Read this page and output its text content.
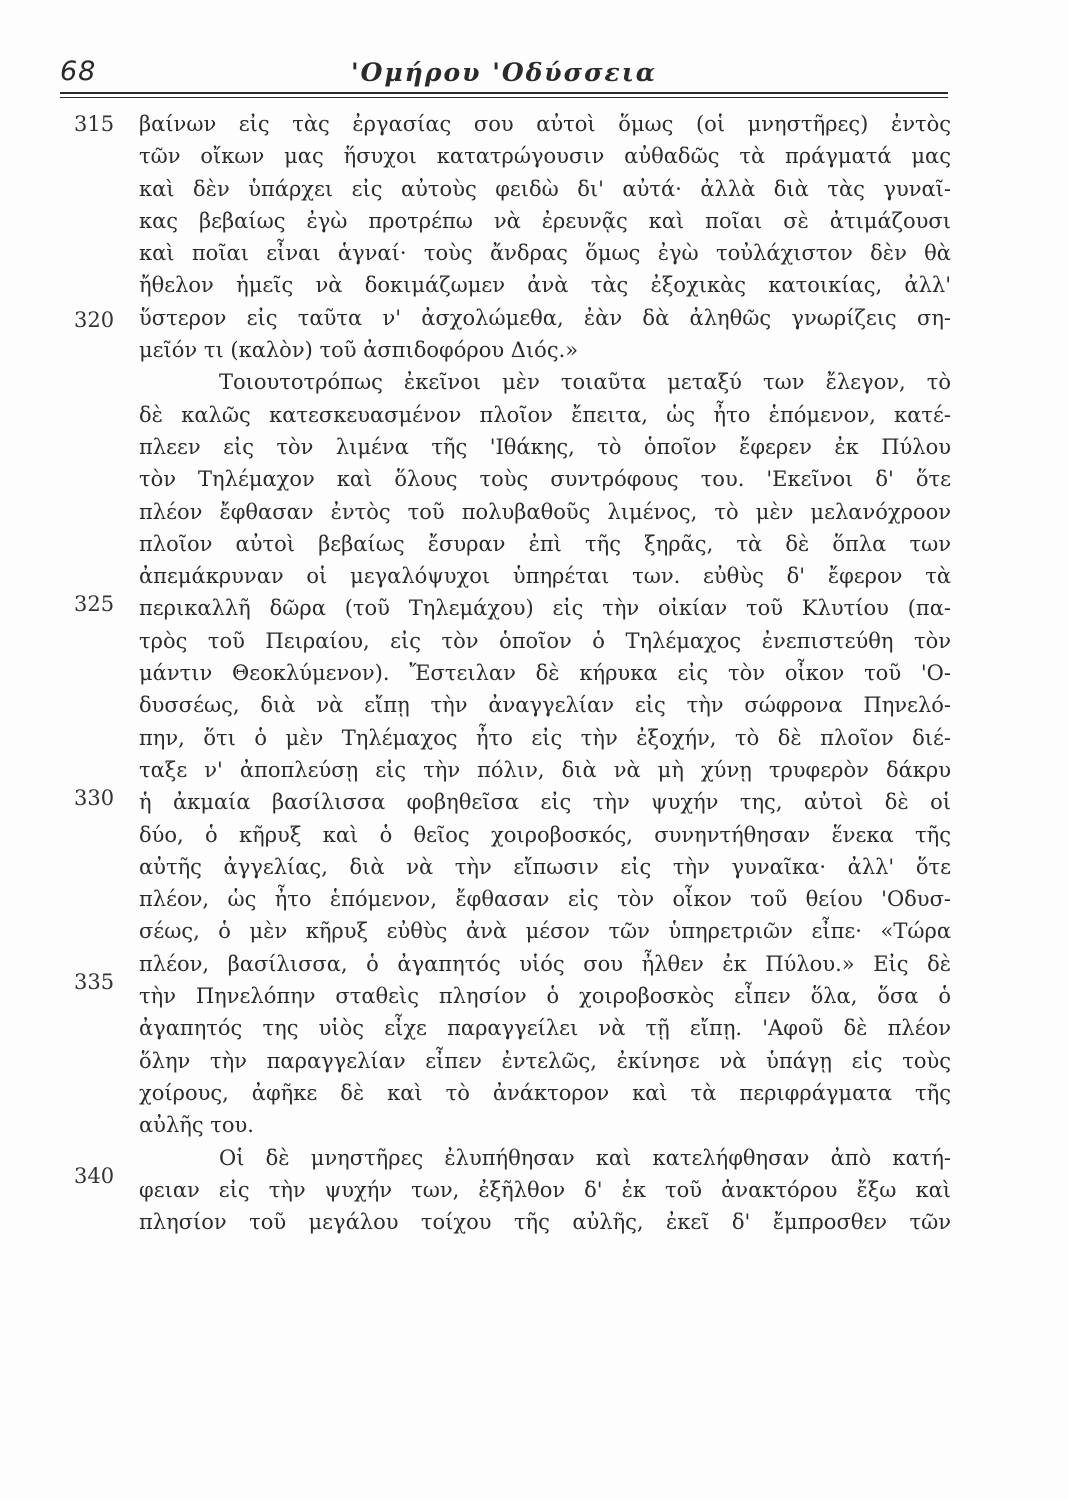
68	'Ομήρου 'Οδύσσεια
315
320
325
330
335
340
βαίνων εἰς τὰς ἐργασίας σου αὐτοὶ ὅμως (οἱ μνηστῆρες) ἐντὸς
τῶν οἴκων μας ἥσυχοι κατατρώγουσιν αὐθαδῶς τὰ πράγματά μας
καὶ δὲν ὑπάρχει εἰς αὐτοὺς φειδὼ δι' αὐτά· ἀλλὰ διὰ τὰς γυναῖ-
κας βεβαίως ἐγὼ προτρέπω νὰ ἐρευνᾷς καὶ ποῖαι σὲ ἀτιμάζουσι
καὶ ποῖαι εἶναι ἁγναί· τοὺς ἄνδρας ὅμως ἐγὼ τοὐλάχιστον δὲν θὰ
ἤθελον ἡμεῖς νὰ δοκιμάζωμεν ἀνὰ τὰς ἐξοχικὰς κατοικίας, ἀλλ'
ὕστερον εἰς ταῦτα ν' ἀσχολώμεθα, ἐὰν δὰ ἀληθῶς γνωρίζεις ση-
μεῖόν τι (καλὸν) τοῦ ἀσπιδοφόρου Διός.»
Τοιουτοτρόπως ἐκεῖνοι μὲν τοιαῦτα μεταξύ των ἔλεγον, τὸ
δὲ καλῶς κατεσκευασμένον πλοῖον ἔπειτα, ὡς ἦτο ἑπόμενον, κατέ-
πλεεν εἰς τὸν λιμένα τῆς 'Ιθάκης, τὸ ὁποῖον ἔφερεν ἐκ Πύλου
τὸν Τηλέμαχον καὶ ὅλους τοὺς συντρόφους του. 'Εκεῖνοι δ' ὅτε
πλέον ἔφθασαν ἐντὸς τοῦ πολυβαθοῦς λιμένος, τὸ μὲν μελανόχροον
πλοῖον αὐτοὶ βεβαίως ἔσυραν ἐπὶ τῆς ξηρᾶς, τὰ δὲ ὅπλα των
ἀπεμάκρυναν οἱ μεγαλόψυχοι ὑπηρέται των. εὐθὺς δ' ἔφερον τὰ
περικαλλῆ δῶρα (τοῦ Τηλεμάχου) εἰς τὴν οἰκίαν τοῦ Κλυτίου (πα-
τρὸς τοῦ Πειραίου, εἰς τὸν ὁποῖον ὁ Τηλέμαχος ἐνεπιστεύθη τὸν
μάντιν Θεοκλύμενον). Ἔστειλαν δὲ κήρυκα εἰς τὸν οἶκον τοῦ 'Ο-
δυσσέως, διὰ νὰ εἴπῃ τὴν ἀναγγελίαν εἰς τὴν σώφρονα Πηνελό-
πην, ὅτι ὁ μὲν Τηλέμαχος ἦτο εἰς τὴν ἐξοχήν, τὸ δὲ πλοῖον διέ-
ταξε ν' ἀποπλεύσῃ εἰς τὴν πόλιν, διὰ νὰ μὴ χύνῃ τρυφερὸν δάκρυ
ἡ ἀκμαία βασίλισσα φοβηθεῖσα εἰς τὴν ψυχήν της, αὐτοὶ δὲ οἱ
δύο, ὁ κῆρυξ καὶ ὁ θεῖος χοιροβοσκός, συνηντήθησαν ἕνεκα τῆς
αὐτῆς ἀγγελίας, διὰ νὰ τὴν εἴπωσιν εἰς τὴν γυναῖκα· ἀλλ' ὅτε
πλέον, ὡς ἦτο ἑπόμενον, ἔφθασαν εἰς τὸν οἶκον τοῦ θείου 'Οδυσ-
σέως, ὁ μὲν κῆρυξ εὐθὺς ἀνὰ μέσον τῶν ὑπηρετριῶν εἶπε· «Τώρα
πλέον, βασίλισσα, ὁ ἀγαπητός υἱός σου ἦλθεν ἐκ Πύλου.» Εἰς δὲ
τὴν Πηνελόπην σταθεὶς πλησίον ὁ χοιροβοσκὸς εἶπεν ὅλα, ὅσα ὁ
ἀγαπητός της υἱὸς εἶχε παραγγείλει νὰ τῇ εἴπῃ. 'Αφοῦ δὲ πλέον
ὅλην τὴν παραγγελίαν εἶπεν ἐντελῶς, ἐκίνησε νὰ ὑπάγῃ εἰς τοὺς
χοίρους, ἀφῆκε δὲ καὶ τὸ ἀνάκτορον καὶ τὰ περιφράγματα τῆς
αὐλῆς του.
Οἱ δὲ μνηστῆρες ἐλυπήθησαν καὶ κατελήφθησαν ἀπὸ κατή-
φειαν εἰς τὴν ψυχήν των, ἐξῆλθον δ' ἐκ τοῦ ἀνακτόρου ἔξω καὶ
πλησίον τοῦ μεγάλου τοίχου τῆς αὐλῆς, ἐκεῖ δ' ἔμπροσθεν τῶν
